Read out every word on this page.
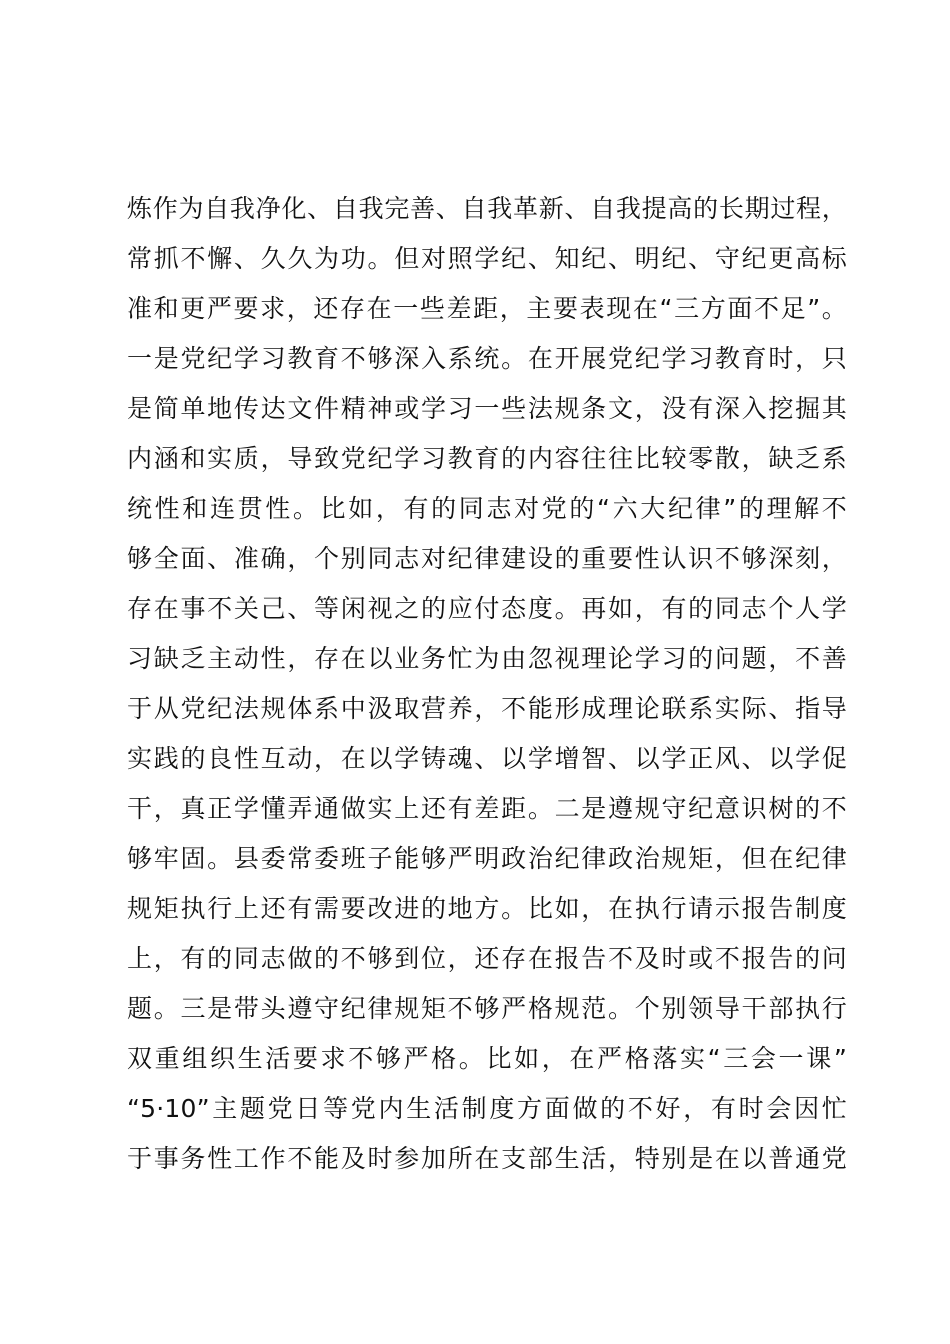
炼作为自我净化、自我完善、自我革新、自我提高的长期过程，
常抓不懈、久久为功。但对照学纪、知纪、明纪、守纪更高标
准和更严要求，还存在一些差距，主要表现在“三方面不足”。
一是党纪学习教育不够深入系统。在开展党纪学习教育时，只
是简单地传达文件精神或学习一些法规条文，没有深入挖掘其
内涵和实质，导致党纪学习教育的内容往往比较零散，缺乏系
统性和连贯性。比如，有的同志对党的“六大纪律”的理解不
够全面、准确，个别同志对纪律建设的重要性认识不够深刻，
存在事不关己、等闲视之的应付态度。再如，有的同志个人学
习缺乏主动性，存在以业务忙为由忽视理论学习的问题，不善
于从党纪法规体系中汲取营养，不能形成理论联系实际、指导
实践的良性互动，在以学铸魂、以学增智、以学正风、以学促
干，真正学懂弄通做实上还有差距。二是遵规守纪意识树的不
够牢固。县委常委班子能够严明政治纪律政治规矩，但在纪律
规矩执行上还有需要改进的地方。比如，在执行请示报告制度
上，有的同志做的不够到位，还存在报告不及时或不报告的问
题。三是带头遵守纪律规矩不够严格规范。个别领导干部执行
双重组织生活要求不够严格。比如，在严格落实“三会一课”
“5·10”主题党日等党内生活制度方面做的不好，有时会因忙
于事务性工作不能及时参加所在支部生活，特别是在以普通党
